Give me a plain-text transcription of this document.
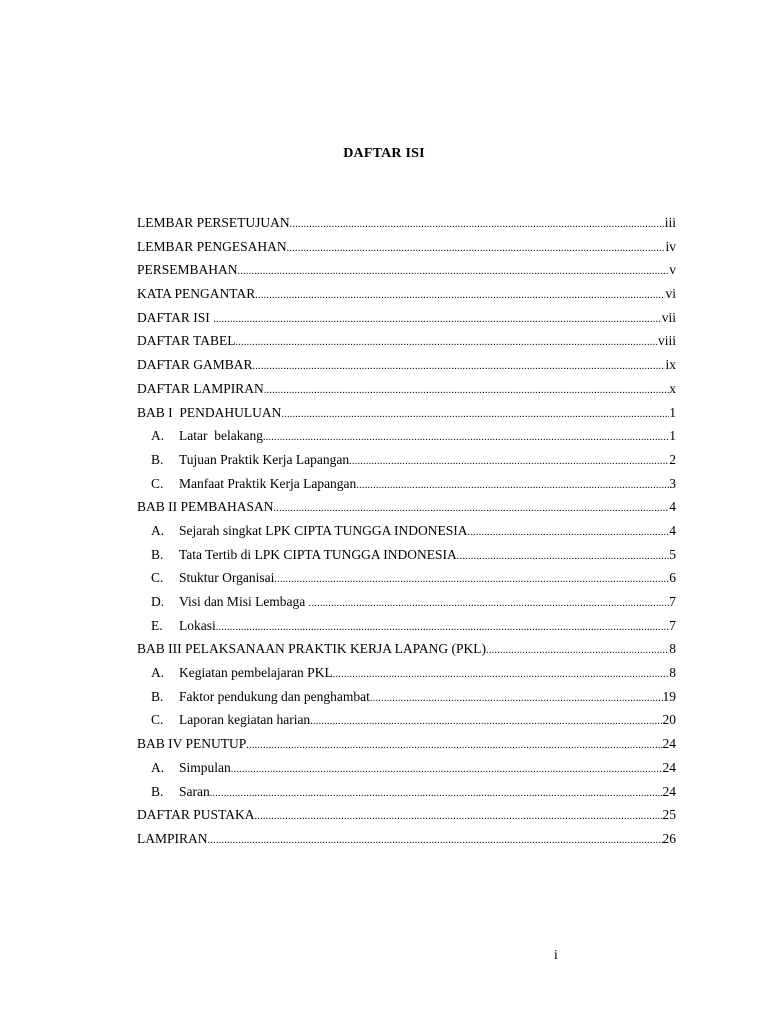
DAFTAR ISI
LEMBAR PERSETUJUAN .....	iii
LEMBAR PENGESAHAN .....	iv
PERSEMBAHAN .....	v
KATA PENGANTAR .....	vi
DAFTAR ISI .....	vii
DAFTAR TABEL .....	viii
DAFTAR GAMBAR .....	ix
DAFTAR LAMPIRAN .....	x
BAB I  PENDAHULUAN .....	1
A.	Latar  belakang .....	1
B.	Tujuan Praktik Kerja Lapangan .....	2
C.	Manfaat Praktik Kerja Lapangan .....	3
BAB II PEMBAHASAN .....	4
A.	Sejarah singkat LPK CIPTA TUNGGA INDONESIA .....	4
B.	Tata Tertib di LPK CIPTA TUNGGA INDONESIA .....	5
C.	Stuktur Organisai .....	6
D.	Visi dan Misi Lembaga .....	7
E.	Lokasi .....	7
BAB III PELAKSANAAN PRAKTIK KERJA LAPANG (PKL) .....	8
A.	Kegiatan pembelajaran PKL .....	8
B.	Faktor pendukung dan penghambat .....	19
C.	Laporan kegiatan harian .....	20
BAB IV PENUTUP .....	24
A.	Simpulan .....	24
B.	Saran .....	24
DAFTAR PUSTAKA .....	25
LAMPIRAN .....	26
i
